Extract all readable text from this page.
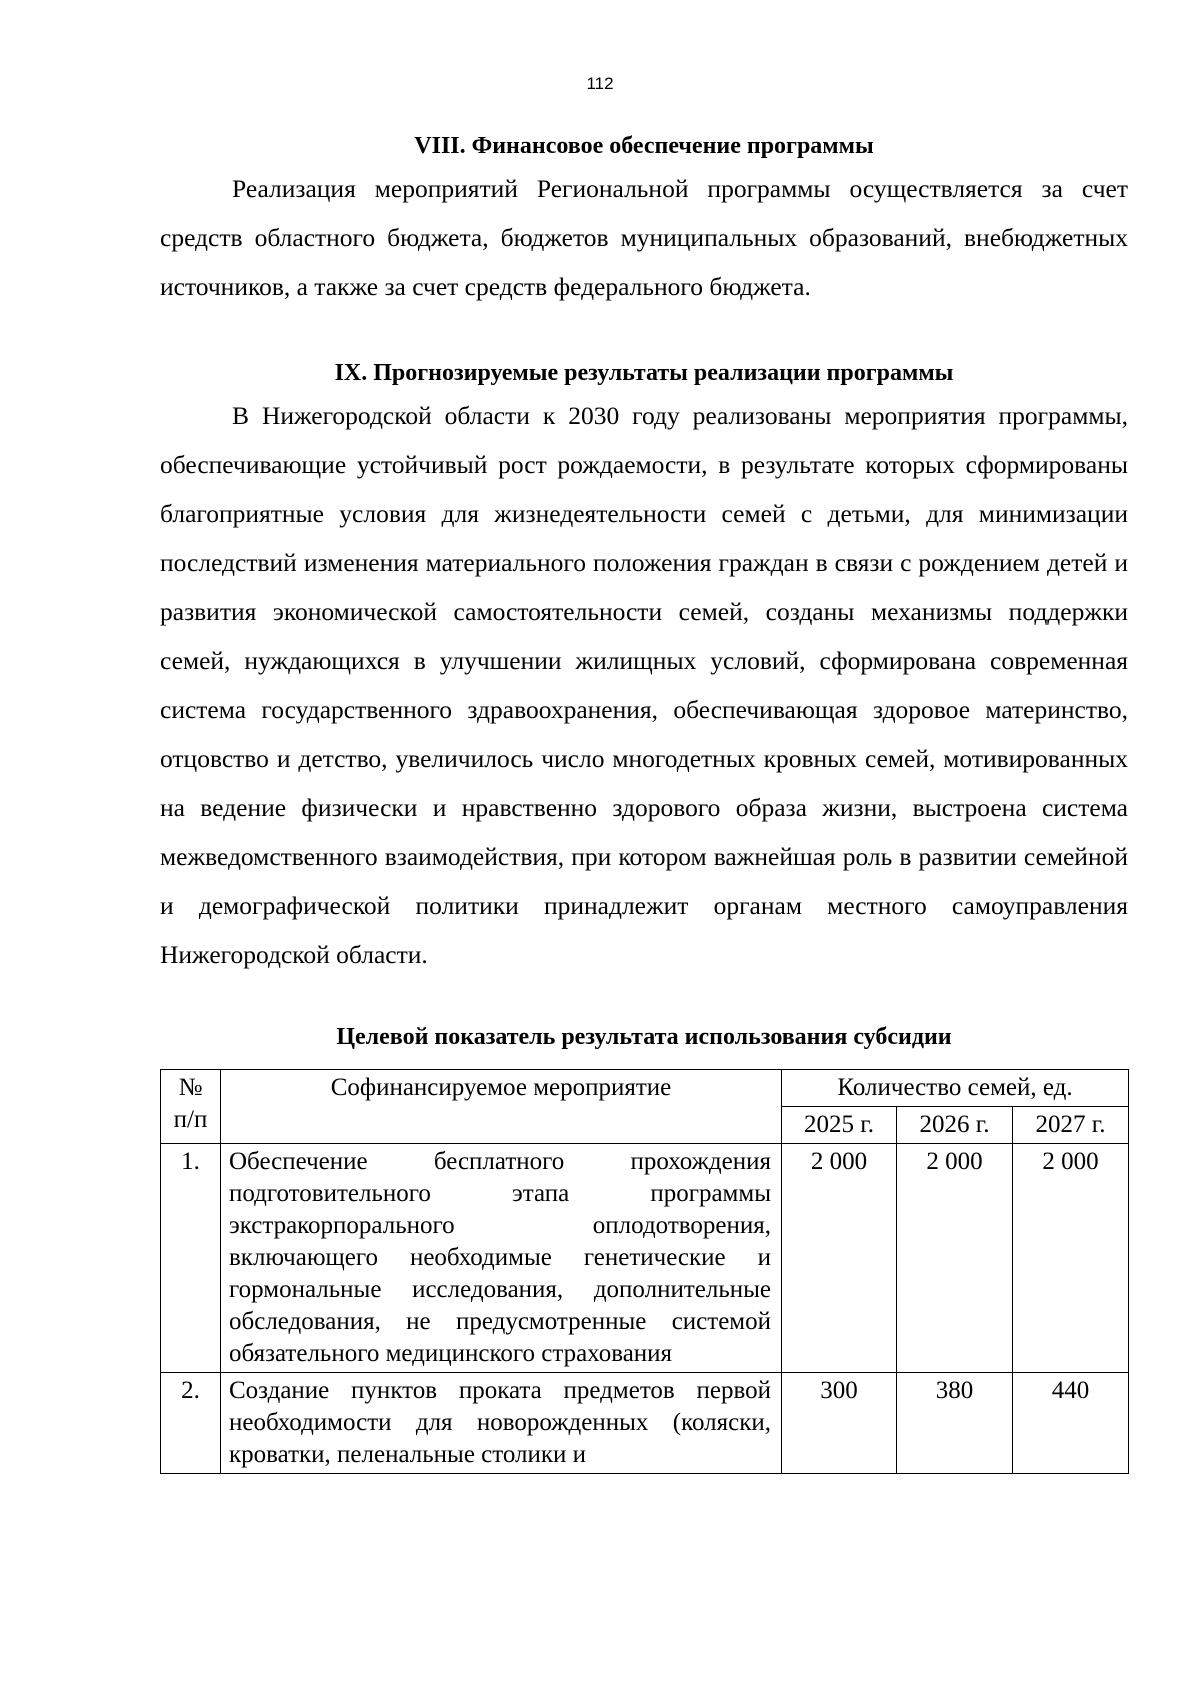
112
VIII. Финансовое обеспечение программы

Реализация мероприятий Региональной программы осуществляется за счет средств областного бюджета, бюджетов муниципальных образований, внебюджетных источников, а также за счет средств федерального бюджета.

IX. Прогнозируемые результаты реализации программы

В Нижегородской области к 2030 году реализованы мероприятия программы, обеспечивающие устойчивый рост рождаемости, в результате которых сформированы благоприятные условия для жизнедеятельности семей с детьми, для минимизации последствий изменения материального положения граждан в связи с рождением детей и развития экономической самостоятельности семей, созданы механизмы поддержки семей, нуждающихся в улучшении жилищных условий, сформирована современная система государственного здравоохранения, обеспечивающая здоровое материнство, отцовство и детство, увеличилось число многодетных кровных семей, мотивированных на ведение физически и нравственно здорового образа жизни, выстроена система межведомственного взаимодействия, при котором важнейшая роль в развитии семейной и демографической политики принадлежит органам местного самоуправления Нижегородской области.

Целевой показатель результата использования субсидии
№ п/п	Софинансируемое мероприятие	Количество семей, ед.		
		2025 г.	2026 г.	2027 г.
1.	Обеспечение бесплатного прохождения подготовительного этапа программы экстракорпорального оплодотворения, включающего необходимые генетические и гормональные исследования, дополнительные обследования, не предусмотренные системой обязательного медицинского страхования	2 000	2 000	2 000
2.	Создание пунктов проката предметов первой необходимости для новорожденных (коляски, кроватки, пеленальные столики и	300	380	440
